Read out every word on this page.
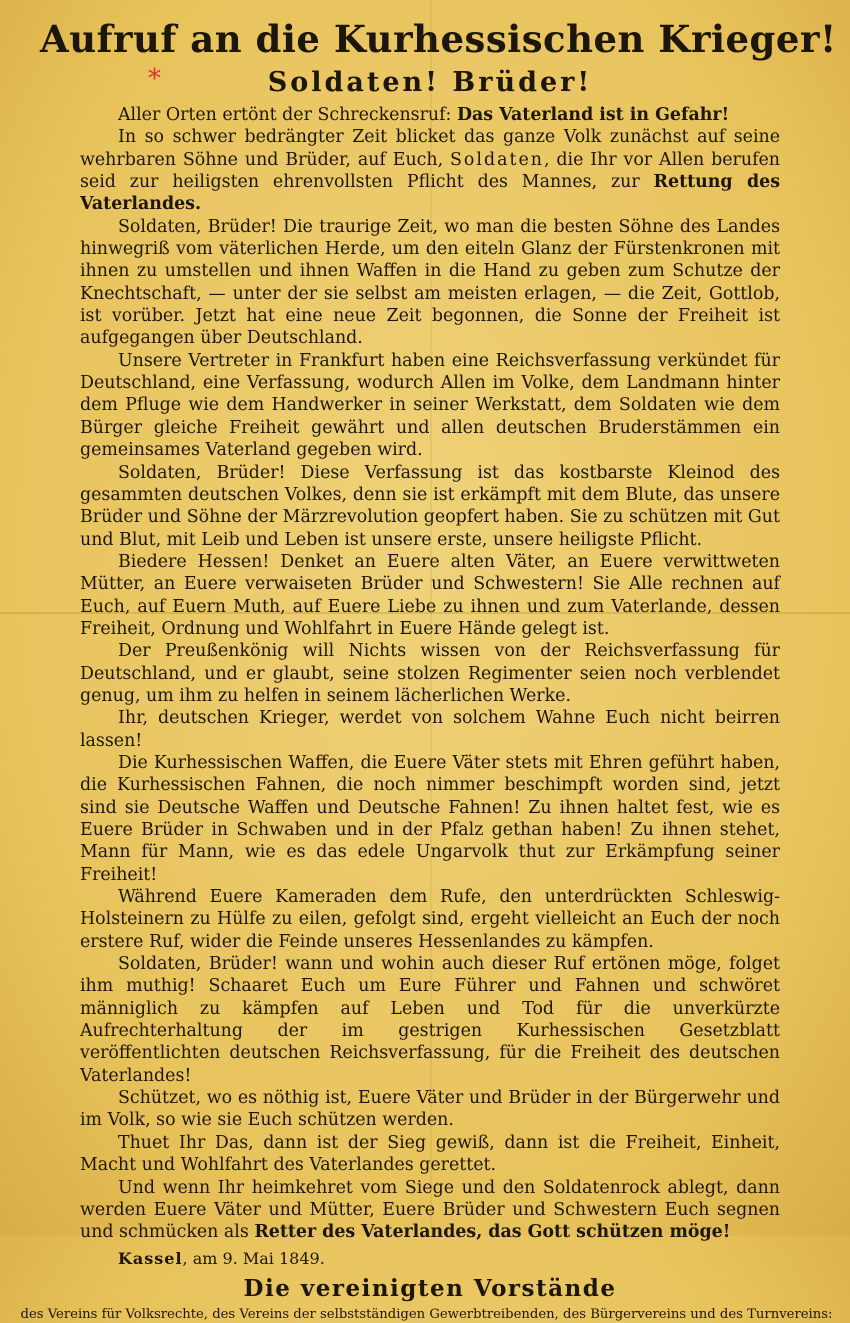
Aufruf an die Kurhessischen Krieger!
*	Soldaten! Brüder!

Aller Orten ertönt der Schreckensruf: Das Vaterland ist in Gefahr!

In so schwer bedrängter Zeit blicket das ganze Volk zunächst auf seine wehrbaren Söhne und Brüder, auf Euch, Soldaten, die Ihr vor Allen berufen seid zur heiligsten ehrenvollsten Pflicht des Mannes, zur Rettung des Vaterlandes.

Soldaten, Brüder! Die traurige Zeit, wo man die besten Söhne des Landes hinwegriß vom väterlichen Herde, um den eiteln Glanz der Fürstenkronen mit ihnen zu umstellen und ihnen Waffen in die Hand zu geben zum Schutze der Knechtschaft, — unter der sie selbst am meisten erlagen, — die Zeit, Gottlob, ist vorüber. Jetzt hat eine neue Zeit begonnen, die Sonne der Freiheit ist aufgegangen über Deutschland.

Unsere Vertreter in Frankfurt haben eine Reichsverfassung verkündet für Deutschland, eine Verfassung, wodurch Allen im Volke, dem Landmann hinter dem Pfluge wie dem Handwerker in seiner Werkstatt, dem Soldaten wie dem Bürger gleiche Freiheit gewährt und allen deutschen Bruderstämmen ein gemeinsames Vaterland gegeben wird.

Soldaten, Brüder! Diese Verfassung ist das kostbarste Kleinod des gesammten deutschen Volkes, denn sie ist erkämpft mit dem Blute, das unsere Brüder und Söhne der Märzrevolution geopfert haben. Sie zu schützen mit Gut und Blut, mit Leib und Leben ist unsere erste, unsere heiligste Pflicht.

Biedere Hessen! Denket an Euere alten Väter, an Euere verwittweten Mütter, an Euere verwaiseten Brüder und Schwestern! Sie Alle rechnen auf Euch, auf Euern Muth, auf Euere Liebe zu ihnen und zum Vaterlande, dessen Freiheit, Ordnung und Wohlfahrt in Euere Hände gelegt ist.

Der Preußenkönig will Nichts wissen von der Reichsverfassung für Deutschland, und er glaubt, seine stolzen Regimenter seien noch verblendet genug, um ihm zu helfen in seinem lächerlichen Werke.

Ihr, deutschen Krieger, werdet von solchem Wahne Euch nicht beirren lassen!

Die Kurhessischen Waffen, die Euere Väter stets mit Ehren geführt haben, die Kurhessischen Fahnen, die noch nimmer beschimpft worden sind, jetzt sind sie Deutsche Waffen und Deutsche Fahnen! Zu ihnen haltet fest, wie es Euere Brüder in Schwaben und in der Pfalz gethan haben! Zu ihnen stehet, Mann für Mann, wie es das edele Ungarvolk thut zur Erkämpfung seiner Freiheit!

Während Euere Kameraden dem Rufe, den unterdrückten Schleswig-Holsteinern zu Hülfe zu eilen, gefolgt sind, ergeht vielleicht an Euch der noch erstere Ruf, wider die Feinde unseres Hessenlandes zu kämpfen.

Soldaten, Brüder! wann und wohin auch dieser Ruf ertönen möge, folget ihm muthig! Schaaret Euch um Eure Führer und Fahnen und schwöret männiglich zu kämpfen auf Leben und Tod für die unverkürzte Aufrechterhaltung der im gestrigen Kurhessischen Gesetzblatt veröffentlichten deutschen Reichsverfassung, für die Freiheit des deutschen Vaterlandes!

Schützet, wo es nöthig ist, Euere Väter und Brüder in der Bürgerwehr und im Volk, so wie sie Euch schützen werden.

Thuet Ihr Das, dann ist der Sieg gewiß, dann ist die Freiheit, Einheit, Macht und Wohlfahrt des Vaterlandes gerettet.

Und wenn Ihr heimkehret vom Siege und den Soldatenrock ablegt, dann werden Euere Väter und Mütter, Euere Brüder und Schwestern Euch segnen und schmücken als Retter des Vaterlandes, das Gott schützen möge!

Kassel, am 9. Mai 1849.
Die vereinigten Vorstände
des Vereins für Volksrechte, des Vereins der selbstständigen Gewerbtreibenden, des Bürgervereins und des Turnvereins:
